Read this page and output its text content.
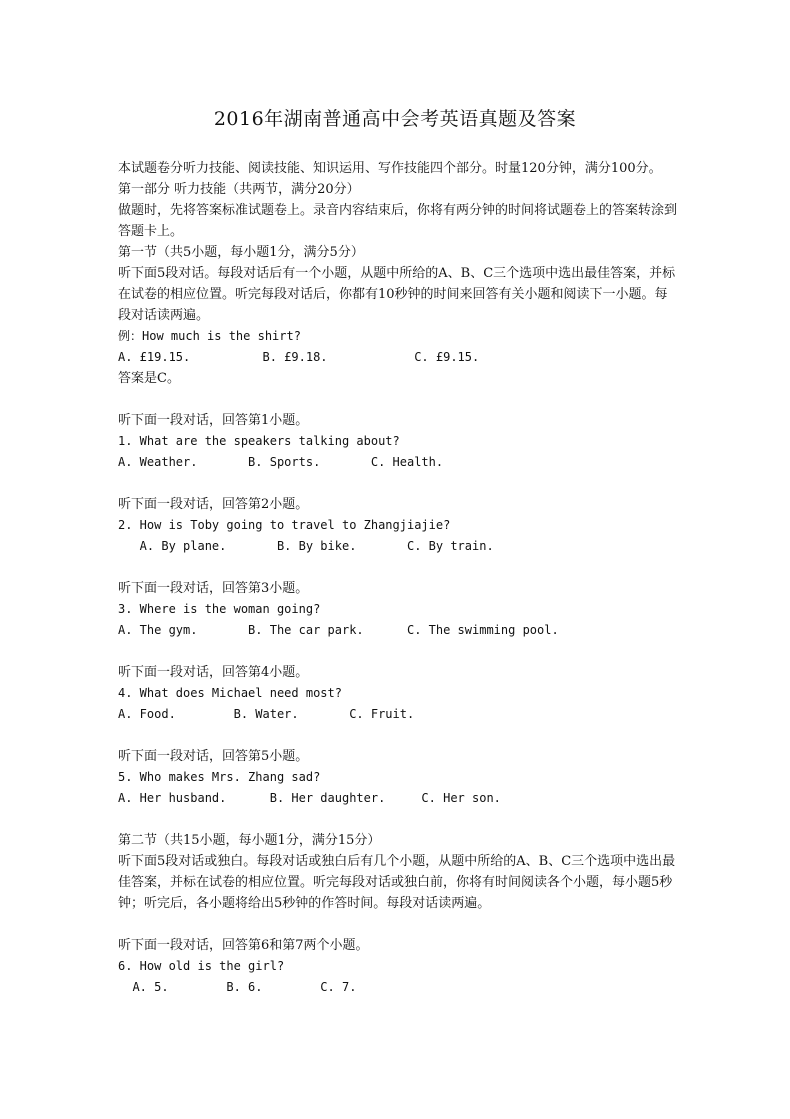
2016年湖南普通高中会考英语真题及答案

本试题卷分听力技能、阅读技能、知识运用、写作技能四个部分。时量120分钟，满分100分。

第一部分 听力技能（共两节，满分20分）

做题时，先将答案标准试题卷上。录音内容结束后，你将有两分钟的时间将试题卷上的答案转涂到答题卡上。

第一节（共5小题，每小题1分，满分5分）

听下面5段对话。每段对话后有一个小题，从题中所给的A、B、C三个选项中选出最佳答案，并标在试卷的相应位置。听完每段对话后，你都有10秒钟的时间来回答有关小题和阅读下一小题。每段对话读两遍。

例：How much is the shirt?

A. £19.15.          B. £9.18.            C. £9.15.

答案是C。

听下面一段对话，回答第1小题。

1. What are the speakers talking about?

A. Weather.       B. Sports.       C. Health.

听下面一段对话，回答第2小题。

2. How is Toby going to travel to Zhangjiajie?

A. By plane.       B. By bike.       C. By train.

听下面一段对话，回答第3小题。

3. Where is the woman going?

A. The gym.       B. The car park.      C. The swimming pool.

听下面一段对话，回答第4小题。

4. What does Michael need most?

A. Food.        B. Water.       C. Fruit.

听下面一段对话，回答第5小题。

5. Who makes Mrs. Zhang sad?

A. Her husband.      B. Her daughter.     C. Her son.

第二节（共15小题，每小题1分，满分15分）

听下面5段对话或独白。每段对话或独白后有几个小题，从题中所给的A、B、C三个选项中选出最佳答案，并标在试卷的相应位置。听完每段对话或独白前，你将有时间阅读各个小题，每小题5秒钟；听完后，各小题将给出5秒钟的作答时间。每段对话读两遍。

听下面一段对话，回答第6和第7两个小题。

6. How old is the girl?

A. 5.        B. 6.        C. 7.
